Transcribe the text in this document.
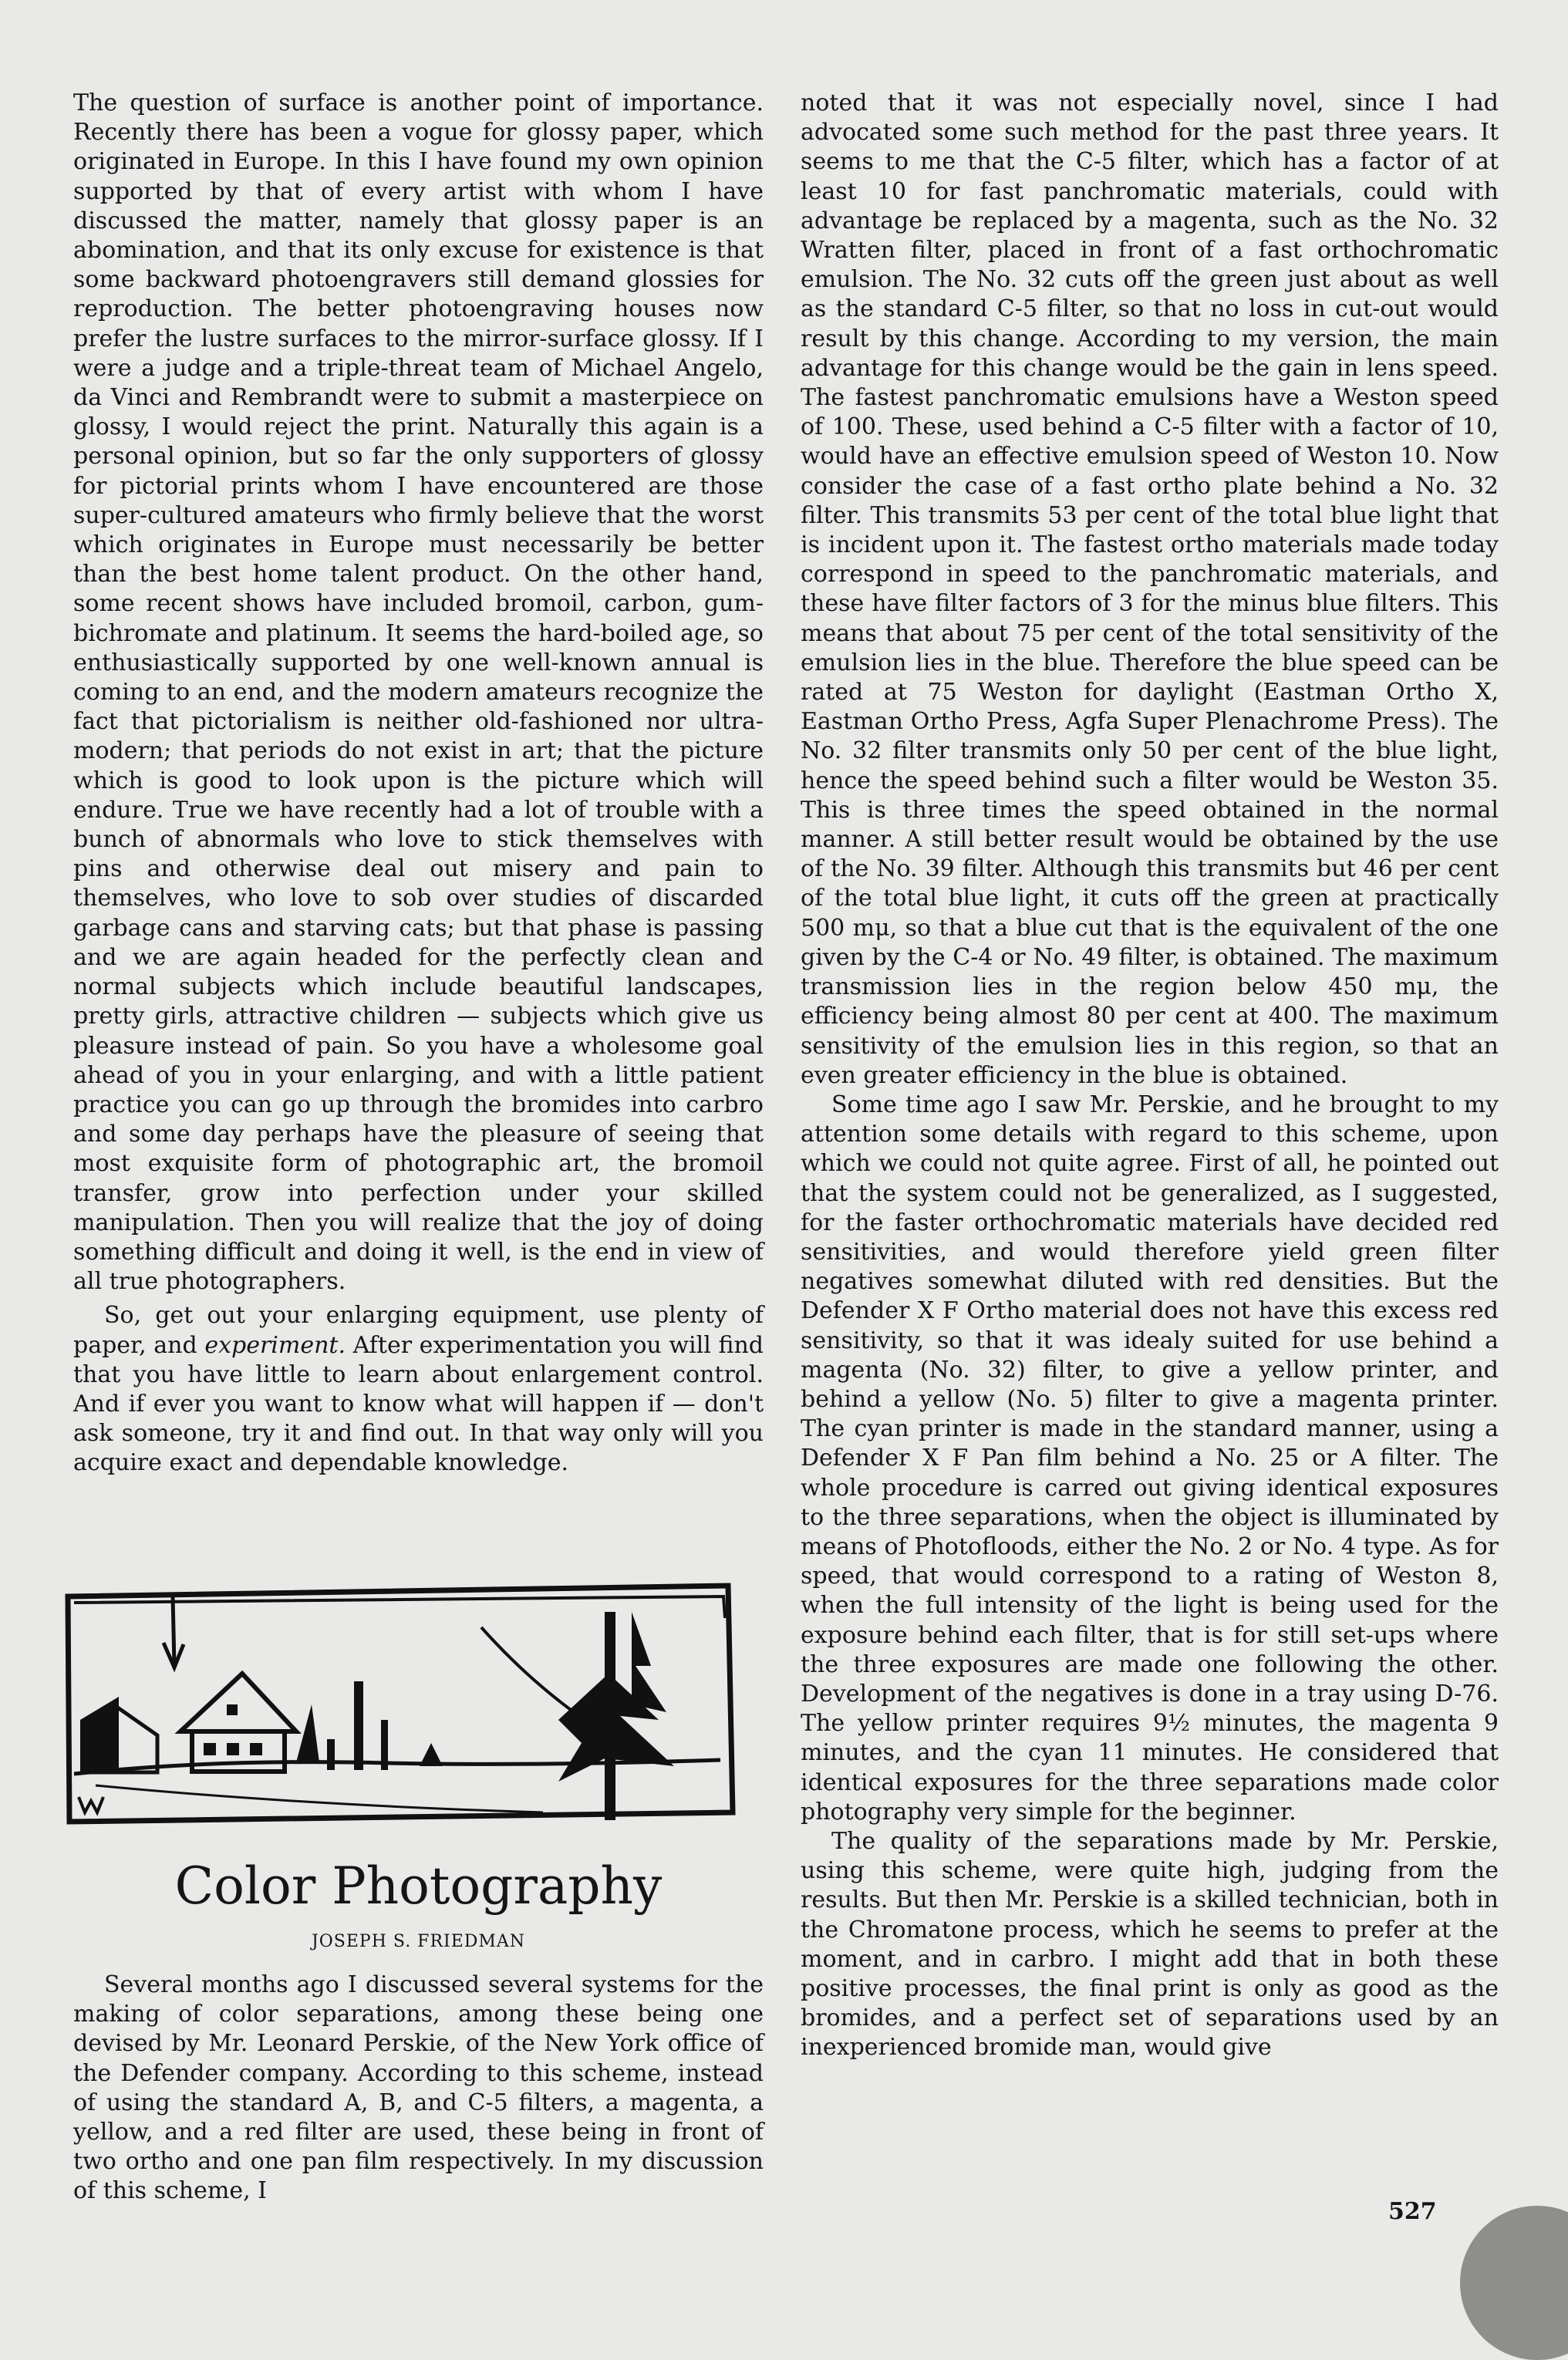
The question of surface is another point of importance. Recently there has been a vogue for glossy paper, which originated in Europe. In this I have found my own opinion supported by that of every artist with whom I have discussed the matter, namely that glossy paper is an abomination, and that its only excuse for existence is that some backward photoengravers still demand glossies for reproduction. The better photoengraving houses now prefer the lustre surfaces to the mirror-surface glossy. If I were a judge and a triple-threat team of Michael Angelo, da Vinci and Rembrandt were to submit a masterpiece on glossy, I would reject the print. Naturally this again is a personal opinion, but so far the only supporters of glossy for pictorial prints whom I have encountered are those super-cultured amateurs who firmly believe that the worst which originates in Europe must necessarily be better than the best home talent product. On the other hand, some recent shows have included bromoil, carbon, gum-bichromate and platinum. It seems the hard-boiled age, so enthusiastically supported by one well-known annual is coming to an end, and the modern amateurs recognize the fact that pictorialism is neither old-fashioned nor ultra-modern; that periods do not exist in art; that the picture which is good to look upon is the picture which will endure. True we have recently had a lot of trouble with a bunch of abnormals who love to stick themselves with pins and otherwise deal out misery and pain to themselves, who love to sob over studies of discarded garbage cans and starving cats; but that phase is passing and we are again headed for the perfectly clean and normal subjects which include beautiful landscapes, pretty girls, attractive children — subjects which give us pleasure instead of pain. So you have a wholesome goal ahead of you in your enlarging, and with a little patient practice you can go up through the bromides into carbro and some day perhaps have the pleasure of seeing that most exquisite form of photographic art, the bromoil transfer, grow into perfection under your skilled manipulation. Then you will realize that the joy of doing something difficult and doing it well, is the end in view of all true photographers.

So, get out your enlarging equipment, use plenty of paper, and experiment. After experimentation you will find that you have little to learn about enlargement control. And if ever you want to know what will happen if — don't ask someone, try it and find out. In that way only will you acquire exact and dependable knowledge.

Color Photography

JOSEPH S. FRIEDMAN

Several months ago I discussed several systems for the making of color separations, among these being one devised by Mr. Leonard Perskie, of the New York office of the Defender company. According to this scheme, instead of using the standard A, B, and C-5 filters, a magenta, a yellow, and a red filter are used, these being in front of two ortho and one pan film respectively. In my discussion of this scheme, I

noted that it was not especially novel, since I had advocated some such method for the past three years. It seems to me that the C-5 filter, which has a factor of at least 10 for fast panchromatic materials, could with advantage be replaced by a magenta, such as the No. 32 Wratten filter, placed in front of a fast orthochromatic emulsion. The No. 32 cuts off the green just about as well as the standard C-5 filter, so that no loss in cut-out would result by this change. According to my version, the main advantage for this change would be the gain in lens speed. The fastest panchromatic emulsions have a Weston speed of 100. These, used behind a C-5 filter with a factor of 10, would have an effective emulsion speed of Weston 10. Now consider the case of a fast ortho plate behind a No. 32 filter. This transmits 53 per cent of the total blue light that is incident upon it. The fastest ortho materials made today correspond in speed to the panchromatic materials, and these have filter factors of 3 for the minus blue filters. This means that about 75 per cent of the total sensitivity of the emulsion lies in the blue. Therefore the blue speed can be rated at 75 Weston for daylight (Eastman Ortho X, Eastman Ortho Press, Agfa Super Plenachrome Press). The No. 32 filter transmits only 50 per cent of the blue light, hence the speed behind such a filter would be Weston 35. This is three times the speed obtained in the normal manner. A still better result would be obtained by the use of the No. 39 filter. Although this transmits but 46 per cent of the total blue light, it cuts off the green at practically 500 mμ, so that a blue cut that is the equivalent of the one given by the C-4 or No. 49 filter, is obtained. The maximum transmission lies in the region below 450 mμ, the efficiency being almost 80 per cent at 400. The maximum sensitivity of the emulsion lies in this region, so that an even greater efficiency in the blue is obtained.

Some time ago I saw Mr. Perskie, and he brought to my attention some details with regard to this scheme, upon which we could not quite agree. First of all, he pointed out that the system could not be generalized, as I suggested, for the faster orthochromatic materials have decided red sensitivities, and would therefore yield green filter negatives somewhat diluted with red densities. But the Defender X F Ortho material does not have this excess red sensitivity, so that it was idealy suited for use behind a magenta (No. 32) filter, to give a yellow printer, and behind a yellow (No. 5) filter to give a magenta printer. The cyan printer is made in the standard manner, using a Defender X F Pan film behind a No. 25 or A filter. The whole procedure is carred out giving identical exposures to the three separations, when the object is illuminated by means of Photofloods, either the No. 2 or No. 4 type. As for speed, that would correspond to a rating of Weston 8, when the full intensity of the light is being used for the exposure behind each filter, that is for still set-ups where the three exposures are made one following the other. Development of the negatives is done in a tray using D-76. The yellow printer requires 9½ minutes, the magenta 9 minutes, and the cyan 11 minutes. He considered that identical exposures for the three separations made color photography very simple for the beginner.

The quality of the separations made by Mr. Perskie, using this scheme, were quite high, judging from the results. But then Mr. Perskie is a skilled technician, both in the Chromatone process, which he seems to prefer at the moment, and in carbro. I might add that in both these positive processes, the final print is only as good as the bromides, and a perfect set of separations used by an inexperienced bromide man, would give

527
